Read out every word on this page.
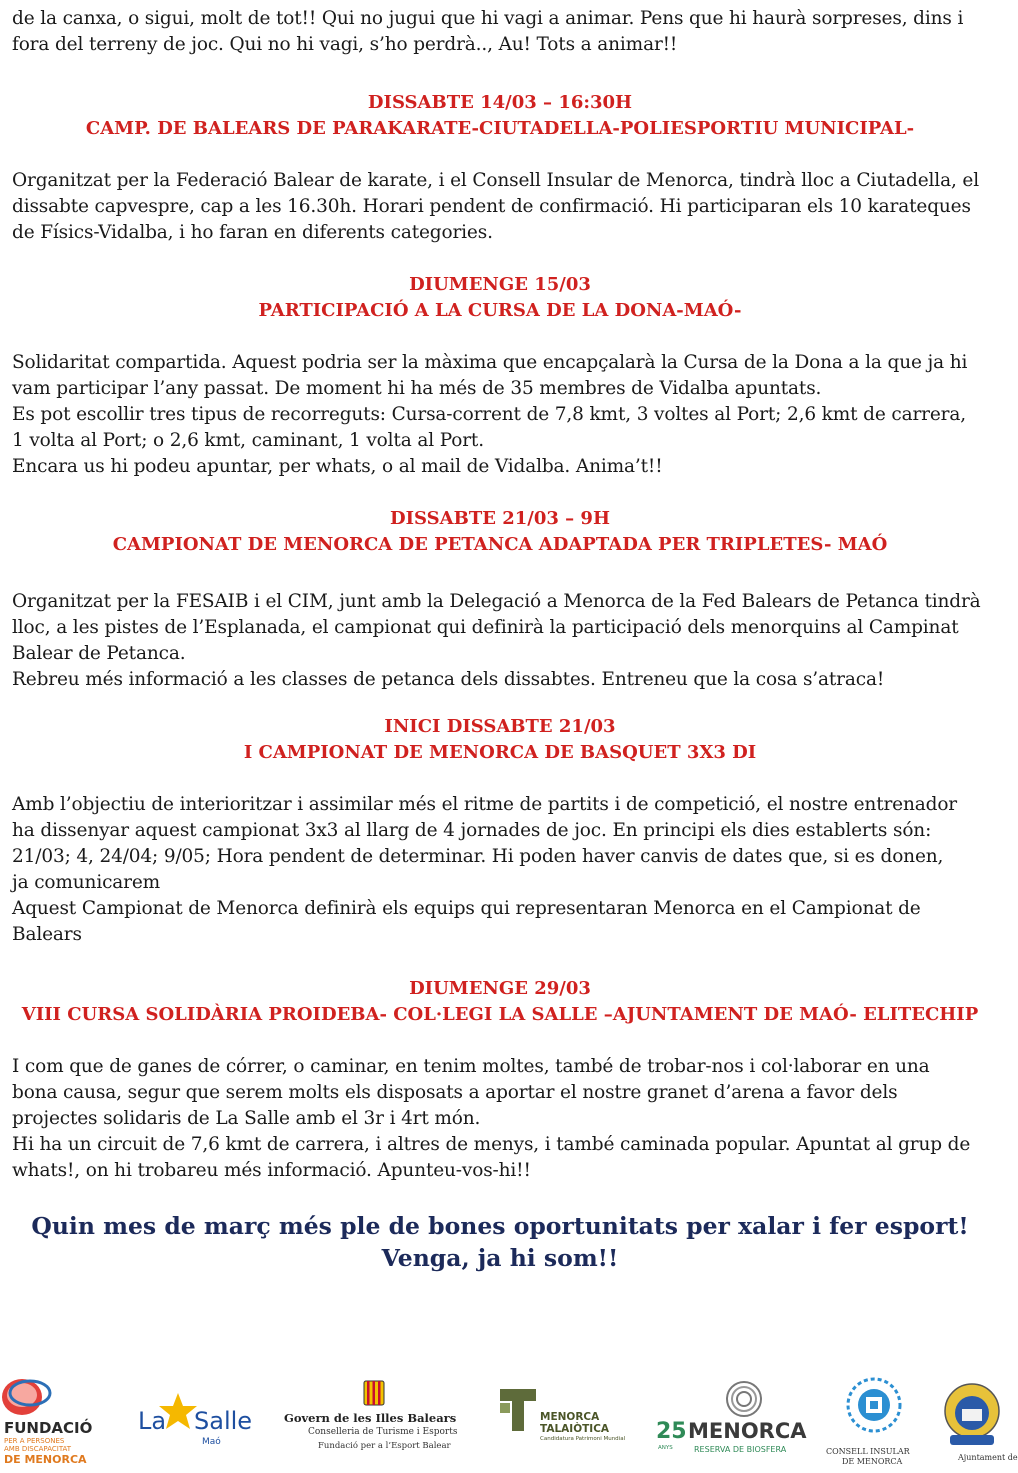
de la canxa, o sigui, molt de tot!! Qui no jugui que hi vagi a animar. Pens que hi haurà sorpreses, dins i
fora del terreny de joc. Qui no hi vagi, s’ho perdrà.., Au! Tots a animar!!

DISSABTE 14/03 – 16:30H
CAMP. DE BALEARS DE PARAKARATE-CIUTADELLA-POLIESPORTIU MUNICIPAL-

Organitzat per la Federació Balear de karate, i el Consell Insular de Menorca, tindrà lloc a Ciutadella, el
dissabte capvespre, cap a les 16.30h. Horari pendent de confirmació. Hi participaran els 10 karateques
de Físics-Vidalba, i ho faran en diferents categories.

DIUMENGE 15/03
PARTICIPACIÓ A LA CURSA DE LA DONA-MAÓ-

Solidaritat compartida. Aquest podria ser la màxima que encapçalarà la Cursa de la Dona a la que ja hi
vam participar l’any passat. De moment hi ha més de 35 membres de Vidalba apuntats.
Es pot escollir tres tipus de recorreguts: Cursa-corrent de 7,8 kmt, 3 voltes al Port; 2,6 kmt de carrera,
1 volta al Port; o 2,6 kmt, caminant, 1 volta al Port.
Encara us hi podeu apuntar, per whats, o al mail de Vidalba. Anima’t!!

DISSABTE 21/03 – 9H
CAMPIONAT DE MENORCA DE PETANCA ADAPTADA PER TRIPLETES- MAÓ

Organitzat per la FESAIB i el CIM, junt amb la Delegació a Menorca de la Fed Balears de Petanca tindrà
lloc, a les pistes de l’Esplanada, el campionat qui definirà la participació dels menorquins al Campinat
Balear de Petanca.
Rebreu més informació a les classes de petanca dels dissabtes. Entreneu que la cosa s’atraca!

INICI DISSABTE 21/03
I CAMPIONAT DE MENORCA DE BASQUET 3X3 DI

Amb l’objectiu de interioritzar i assimilar més el ritme de partits i de competició, el nostre entrenador
ha dissenyar aquest campionat 3x3 al llarg de 4 jornades de joc. En principi els dies establerts són:
21/03; 4, 24/04; 9/05; Hora pendent de determinar. Hi poden haver canvis de dates que, si es donen,
ja comunicarem
Aquest Campionat de Menorca definirà els equips qui representaran Menorca en el Campionat de
Balears

DIUMENGE 29/03
VIII CURSA SOLIDÀRIA PROIDEBA- COL·LEGI LA SALLE –AJUNTAMENT DE MAÓ- ELITECHIP

I com que de ganes de córrer, o caminar, en tenim moltes, també de trobar-nos i col·laborar en una
bona causa, segur que serem molts els disposats a aportar el nostre granet d’arena a favor dels
projectes solidaris de La Salle amb el 3r i 4rt món.
Hi ha un circuit de 7,6 kmt de carrera, i altres de menys, i també caminada popular. Apuntat al grup de
whats!, on hi trobareu més informació. Apunteu-vos-hi!!

Quin mes de març més ple de bones oportunitats per xalar i fer esport!
Venga, ja hi som!!
FUNDACIÓ
PER A PERSONES
AMB DISCAPACITAT
DE MENORCA
La Salle
Maó
Govern de les Illes Balears
Conselleria de Turisme i Esports
Fundació per a l’Esport Balear
MENORCA
TALAIÒTICA
Candidatura Patrimoni Mundial 25
ANYS
MENORCA
RESERVA DE BIOSFERA	CONSELL INSULAR
DE MENORCA	Ajuntament de
